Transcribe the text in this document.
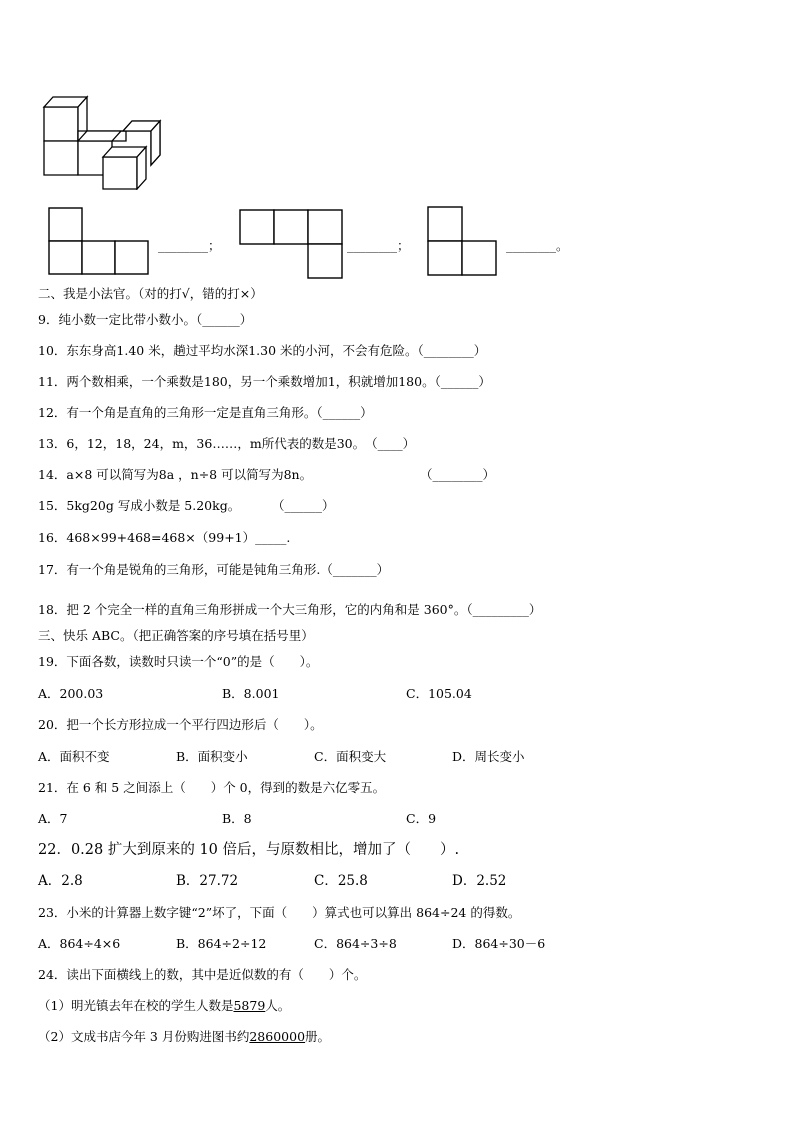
________；	________；	________。
二、我是小法官。（对的打√，错的打×）
9．纯小数一定比带小数小。（______）
10．东东身高1.40 米，趟过平均水深1.30 米的小河，不会有危险。（________）
11．两个数相乘，一个乘数是180，另一个乘数增加1，积就增加180。（______）
12．有一个角是直角的三角形一定是直角三角形。（______）
13．6，12，18，24，m，36……，m所代表的数是30。　（____）
14．a×8 可以简写为8a ，n÷8 可以简写为8n。	（________）
15．5kg20g 写成小数是 5.20kg。	（______）
16．468×99+468=468×（99+1）_____.
17．有一个角是锐角的三角形，可能是钝角三角形.（_______）
18．把 2 个完全一样的直角三角形拼成一个大三角形，它的内角和是 360°。（_________）
三、快乐 ABC。（把正确答案的序号填在括号里）
19．下面各数，读数时只读一个“0”的是（　　）。
A．200.03	B．8.001	C．105.04
20．把一个长方形拉成一个平行四边形后（　　）。
A．面积不变	B．面积变小	C．面积变大	D．周长变小
21．在 6 和 5 之间添上（　　）个 0，得到的数是六亿零五。
A．7	B．8	C．9
22．0.28 扩大到原来的 10 倍后，与原数相比，增加了（　　）.
A．2.8	B．27.72	C．25.8	D．2.52
23．小米的计算器上数字键“2”坏了，下面（　　）算式也可以算出 864÷24 的得数。
A．864÷4×6	B．864÷2÷12	C．864÷3÷8	D．864÷30－6
24．读出下面横线上的数，其中是近似数的有（　　）个。
（1）明光镇去年在校的学生人数是5879人。
（2）文成书店今年 3 月份购进图书约2860000册。
